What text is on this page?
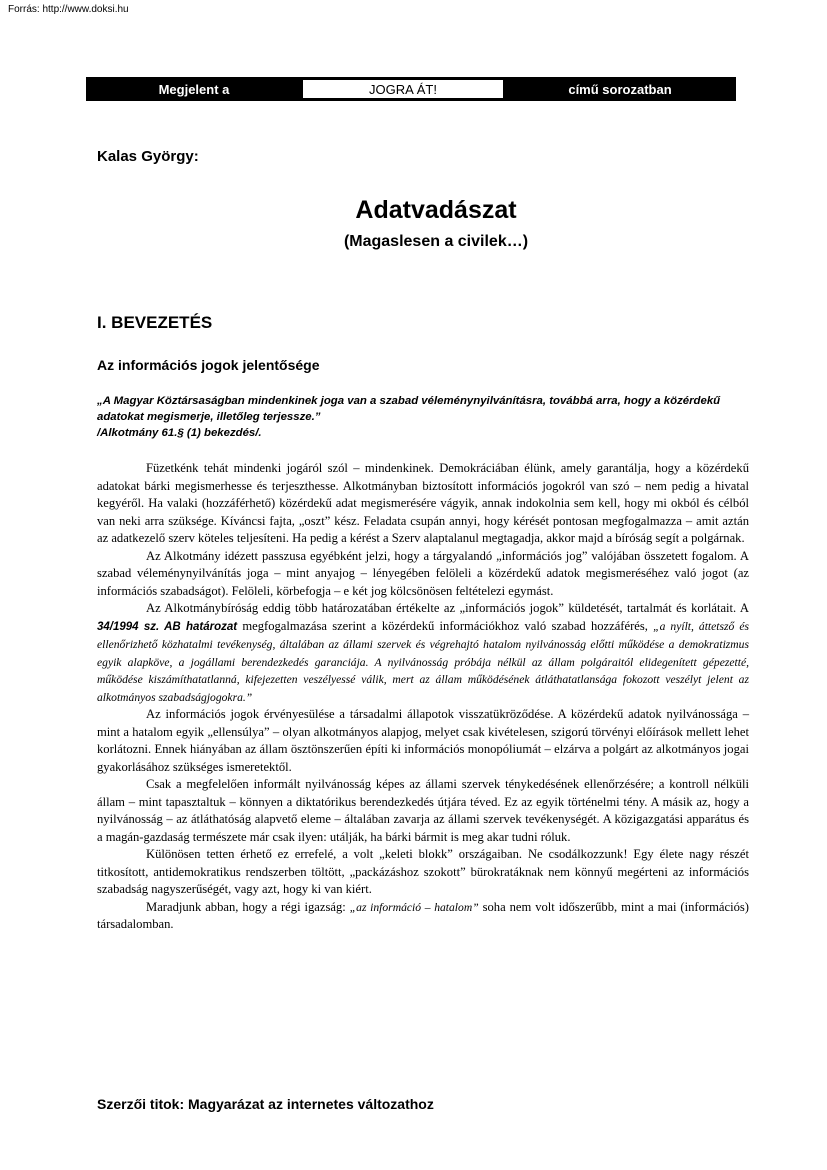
Forrás: http://www.doksi.hu
Megjelent a	JOGRA ÁT!	című sorozatban
Kalas György:
Adatvadászat
(Magaslesen a civilek…)
I. BEVEZETÉS
Az információs jogok jelentősége
„A Magyar Köztársaságban mindenkinek joga van a szabad véleménynyilvánításra, továbbá arra, hogy a közérdekű adatokat megismerje, illetőleg terjessze.”
/Alkotmány 61.§ (1) bekezdés/.

Füzetkénk tehát mindenki jogáról szól – mindenkinek. Demokráciában élünk, amely garantálja, hogy a közérdekű adatokat bárki megismerhesse és terjeszthesse. Alkotmányban biztosított információs jogokról van szó – nem pedig a hivatal kegyéről. Ha valaki (hozzáférhető) közérdekű adat megismerésére vágyik, annak indokolnia sem kell, hogy mi okból és célból van neki arra szüksége. Kíváncsi fajta, „oszt” kész. Feladata csupán annyi, hogy kérését pontosan megfogalmazza – amit aztán az adatkezelő szerv köteles teljesíteni. Ha pedig a kérést a Szerv alaptalanul megtagadja, akkor majd a bíróság segít a polgárnak.

Az Alkotmány idézett passzusa egyébként jelzi, hogy a tárgyalandó „információs jog” valójában összetett fogalom. A szabad véleménynyilvánítás joga – mint anyajog – lényegében felöleli a közérdekű adatok megismeréséhez való jogot (az információs szabadságot). Felöleli, körbefogja – e két jog kölcsönösen feltételezi egymást.

Az Alkotmánybíróság eddig több határozatában értékelte az „információs jogok” küldetését, tartalmát és korlátait. A 34/1994 sz. AB határozat megfogalmazása szerint a közérdekű információkhoz való szabad hozzáférés, „a nyílt, áttetsző és ellenőrizhető közhatalmi tevékenység, általában az állami szervek és végrehajtó hatalom nyilvánosság előtti működése a demokratizmus egyik alapköve, a jogállami berendezkedés garanciája. A nyilvánosság próbája nélkül az állam polgáraitól elidegenített gépezetté, működése kiszámíthatatlanná, kifejezetten veszélyessé válik, mert az állam működésének átláthatatlansága fokozott veszélyt jelent az alkotmányos szabadságjogokra.”

Az információs jogok érvényesülése a társadalmi állapotok visszatükröződése. A közérdekű adatok nyilvánossága – mint a hatalom egyik „ellensúlya” – olyan alkotmányos alapjog, melyet csak kivételesen, szigorú törvényi előírások mellett lehet korlátozni. Ennek hiányában az állam ösztönszerűen építi ki információs monopóliumát – elzárva a polgárt az alkotmányos jogai gyakorlásához szükséges ismeretektől.

Csak a megfelelően informált nyilvánosság képes az állami szervek ténykedésének ellenőrzésére; a kontroll nélküli állam – mint tapasztaltuk – könnyen a diktatórikus berendezkedés útjára téved. Ez az egyik történelmi tény. A másik az, hogy a nyilvánosság – az átláthatóság alapvető eleme – általában zavarja az állami szervek tevékenységét. A közigazgatási apparátus és a magán-gazdaság természete már csak ilyen: utálják, ha bárki bármit is meg akar tudni róluk.

Különösen tetten érhető ez errefelé, a volt „keleti blokk” országaiban. Ne csodálkozzunk! Egy élete nagy részét titkosított, antidemokratikus rendszerben töltött, „packázáshoz szokott” bürokratáknak nem könnyű megérteni az információs szabadság nagyszerűségét, vagy azt, hogy ki van kiért.

Maradjunk abban, hogy a régi igazság: „az információ – hatalom” soha nem volt időszerűbb, mint a mai (információs) társadalomban.

Szerzői titok: Magyarázat az internetes változathoz
